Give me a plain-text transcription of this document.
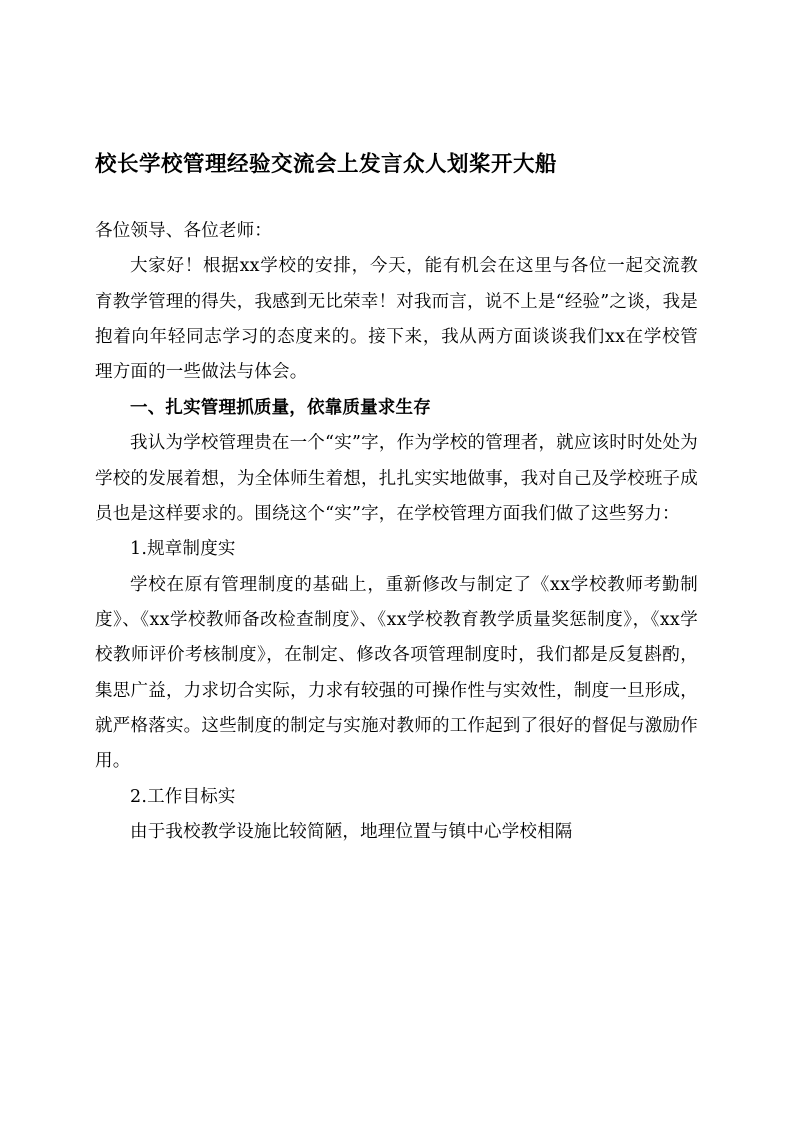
校长学校管理经验交流会上发言众人划桨开大船

各位领导、各位老师：

大家好！根据xx学校的安排，今天，能有机会在这里与各位一起交流教育教学管理的得失，我感到无比荣幸！对我而言，说不上是“经验”之谈，我是抱着向年轻同志学习的态度来的。接下来，我从两方面谈谈我们xx在学校管理方面的一些做法与体会。

一、扎实管理抓质量，依靠质量求生存

我认为学校管理贵在一个“实”字，作为学校的管理者，就应该时时处处为学校的发展着想，为全体师生着想，扎扎实实地做事，我对自己及学校班子成员也是这样要求的。围绕这个“实”字，在学校管理方面我们做了这些努力：

1.规章制度实

学校在原有管理制度的基础上，重新修改与制定了《xx学校教师考勤制度》、《xx学校教师备改检查制度》、《xx学校教育教学质量奖惩制度》，《xx学校教师评价考核制度》，在制定、修改各项管理制度时，我们都是反复斟酌，集思广益，力求切合实际，力求有较强的可操作性与实效性，制度一旦形成，就严格落实。这些制度的制定与实施对教师的工作起到了很好的督促与激励作用。

2.工作目标实

由于我校教学设施比较简陋，地理位置与镇中心学校相隔
